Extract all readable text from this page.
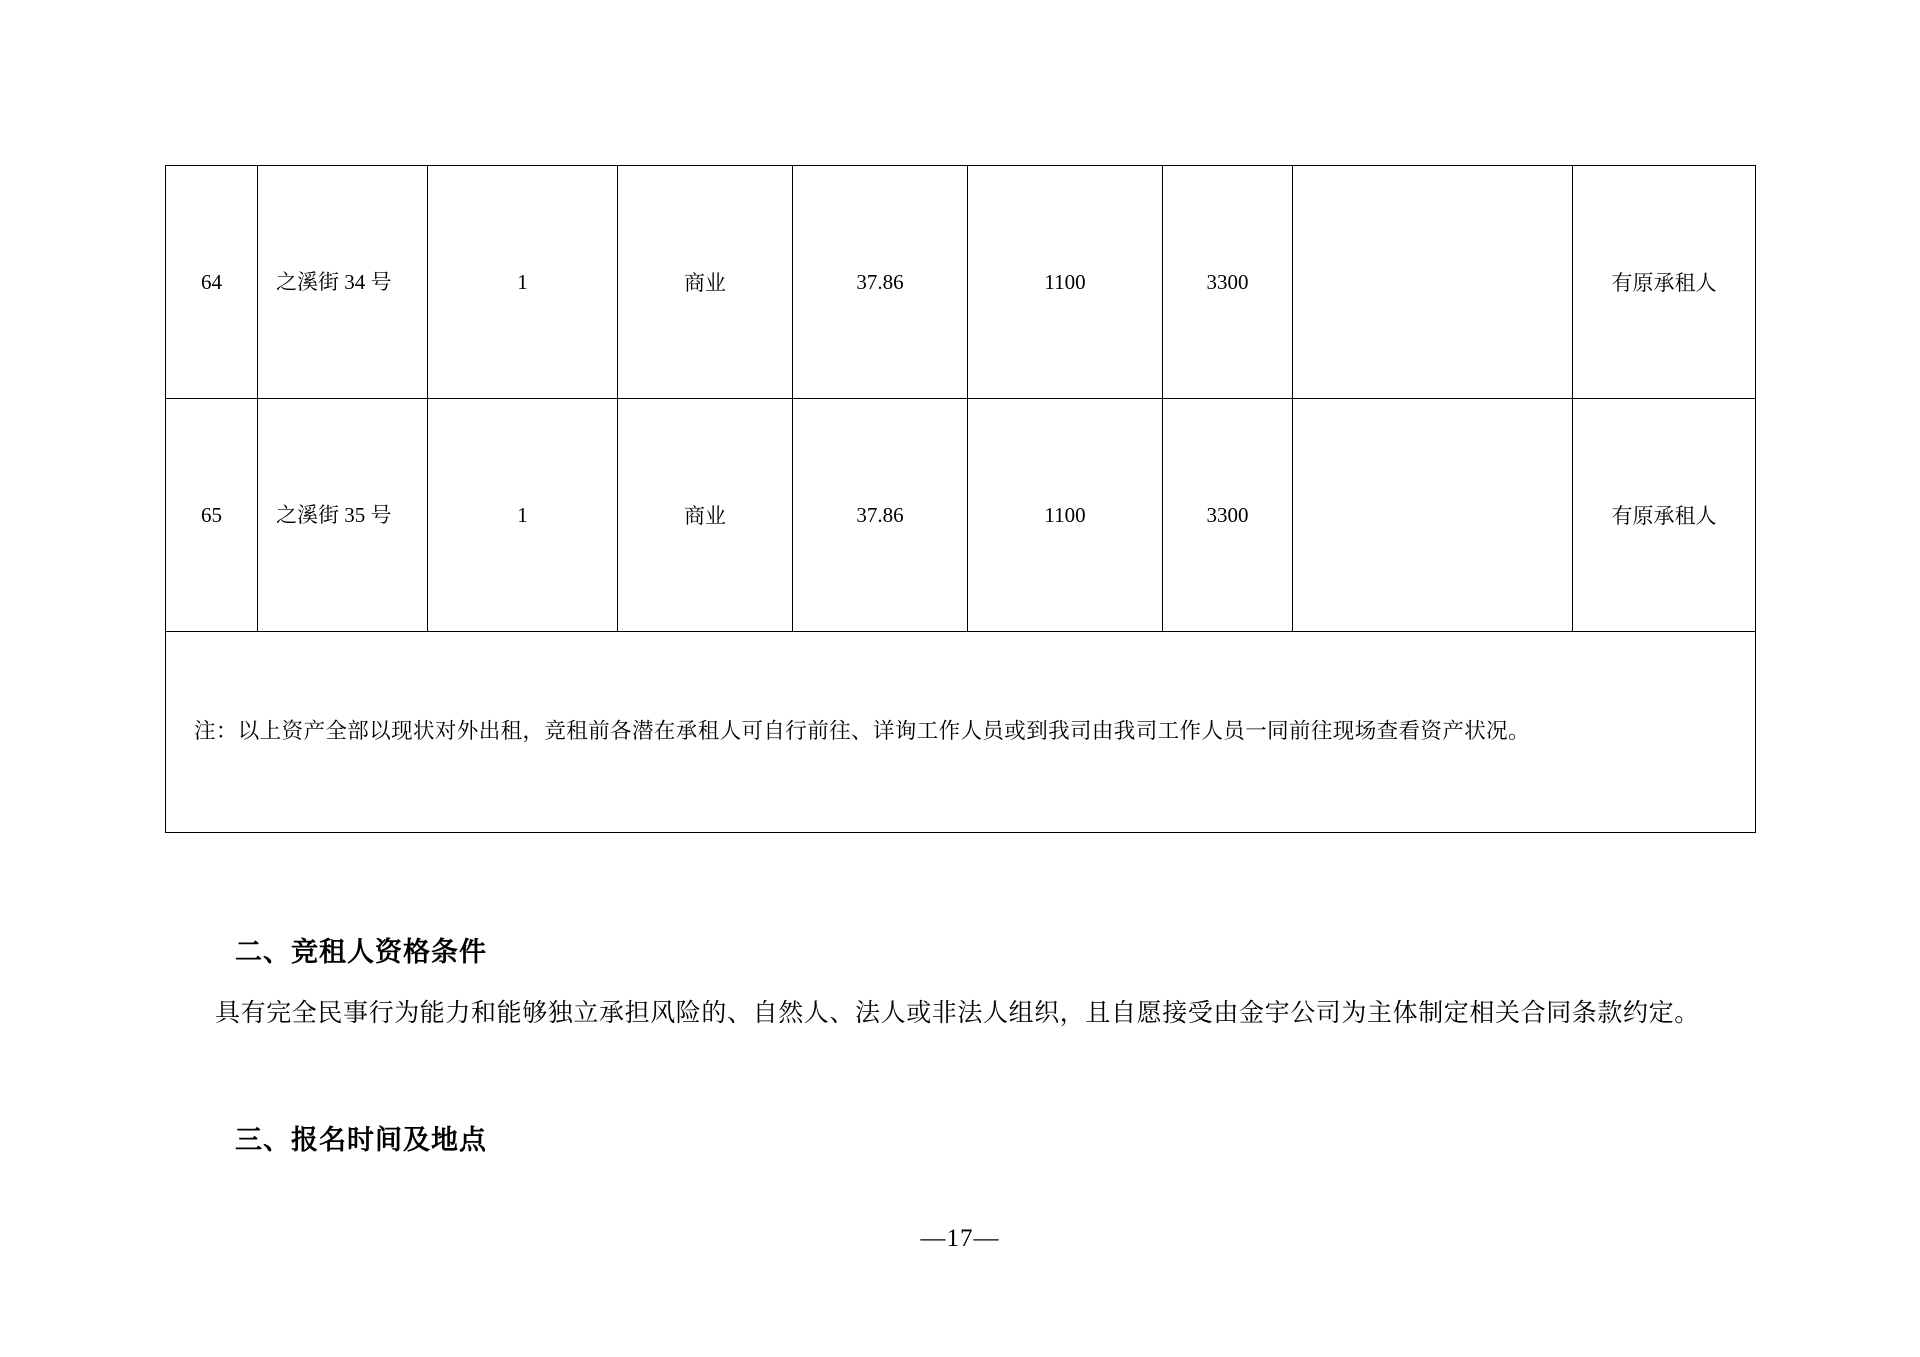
64	之溪街 34 号	1	商业	37.86	1100	3300		有原承租人
65	之溪街 35 号	1	商业	37.86	1100	3300		有原承租人

注：以上资产全部以现状对外出租，竞租前各潜在承租人可自行前往、详询工作人员或到我司由我司工作人员一同前往现场查看资产状况。								
二、竞租人资格条件
具有完全民事行为能力和能够独立承担风险的、自然人、法人或非法人组织，且自愿接受由金宇公司为主体制定相关合同条款约定。
三、报名时间及地点
—17—
